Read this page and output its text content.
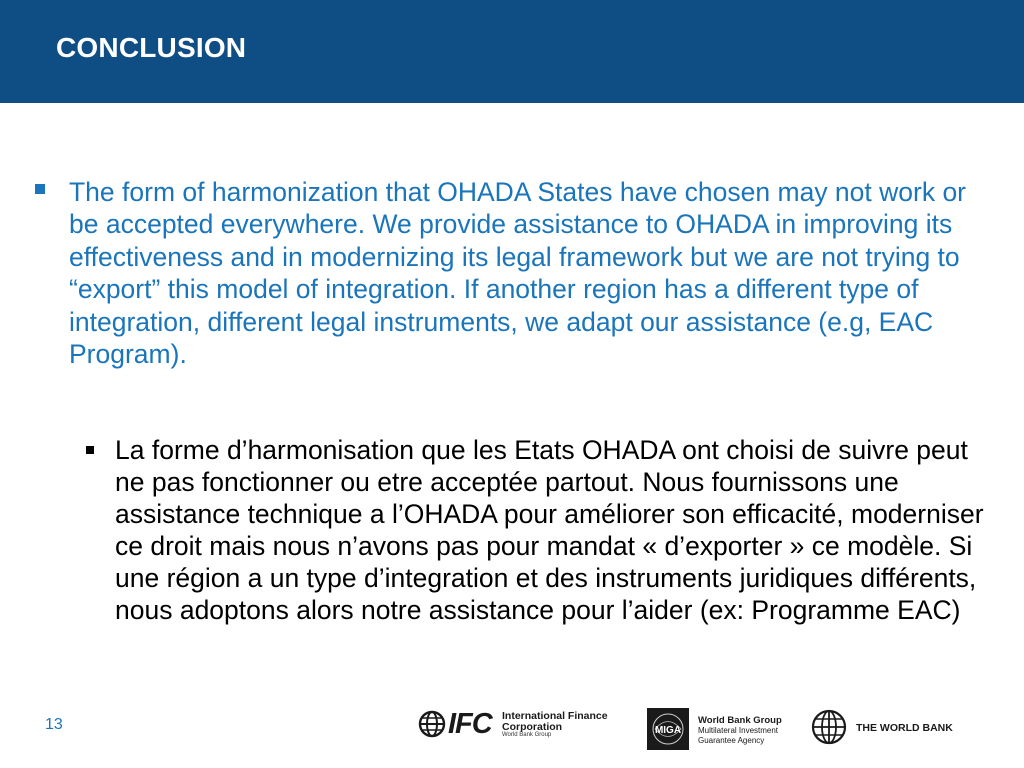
CONCLUSION
The form of harmonization that OHADA States have chosen may not work or be accepted everywhere. We provide assistance to OHADA in improving its effectiveness and in modernizing its legal framework but we are not trying to “export” this model of integration. If another region has a different type of integration, different legal instruments, we adapt our assistance (e.g, EAC Program).
La forme d’harmonisation que les Etats OHADA ont choisi de suivre peut ne pas fonctionner ou etre acceptée partout. Nous fournissons une assistance technique a l’OHADA pour améliorer son efficacité, moderniser ce droit mais nous n’avons pas pour mandat « d’exporter » ce modèle. Si une région a un type d’integration et des instruments juridiques différents, nous adoptons alors notre assistance pour l’aider (ex: Programme EAC)
13	IFC International Finance Corporation
World Bank Group	MIGA
World Bank Group
Multilateral Investment
Guarantee Agency
THE WORLD BANK
